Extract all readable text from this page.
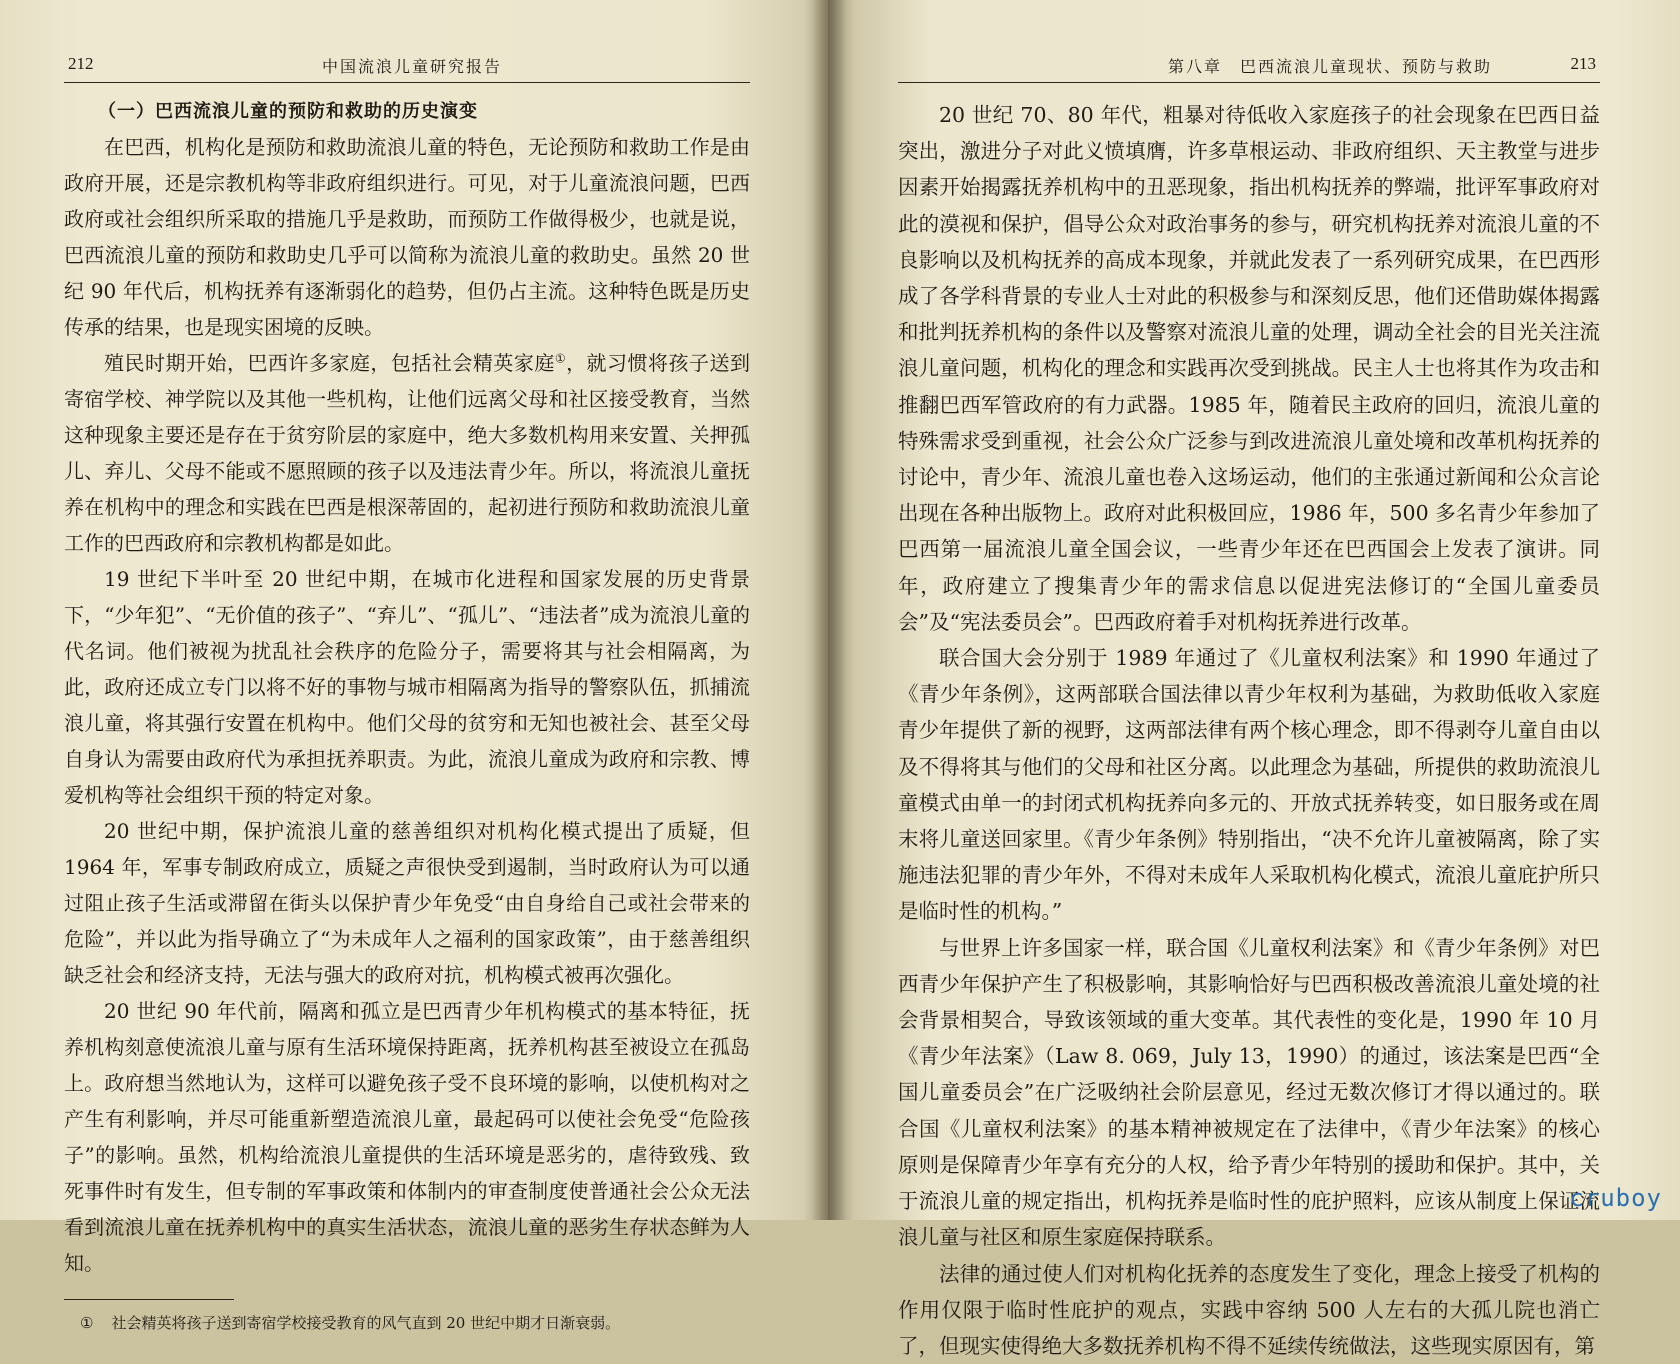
212	中国流浪儿童研究报告
（一）巴西流浪儿童的预防和救助的历史演变

在巴西，机构化是预防和救助流浪儿童的特色，无论预防和救助工作是由政府开展，还是宗教机构等非政府组织进行。可见，对于儿童流浪问题，巴西政府或社会组织所采取的措施几乎是救助，而预防工作做得极少，也就是说，巴西流浪儿童的预防和救助史几乎可以简称为流浪儿童的救助史。虽然 20 世纪 90 年代后，机构抚养有逐渐弱化的趋势，但仍占主流。这种特色既是历史传承的结果，也是现实困境的反映。

殖民时期开始，巴西许多家庭，包括社会精英家庭①，就习惯将孩子送到寄宿学校、神学院以及其他一些机构，让他们远离父母和社区接受教育，当然这种现象主要还是存在于贫穷阶层的家庭中，绝大多数机构用来安置、关押孤儿、弃儿、父母不能或不愿照顾的孩子以及违法青少年。所以，将流浪儿童抚养在机构中的理念和实践在巴西是根深蒂固的，起初进行预防和救助流浪儿童工作的巴西政府和宗教机构都是如此。

19 世纪下半叶至 20 世纪中期，在城市化进程和国家发展的历史背景下，“少年犯”、“无价值的孩子”、“弃儿”、“孤儿”、“违法者”成为流浪儿童的代名词。他们被视为扰乱社会秩序的危险分子，需要将其与社会相隔离，为此，政府还成立专门以将不好的事物与城市相隔离为指导的警察队伍，抓捕流浪儿童，将其强行安置在机构中。他们父母的贫穷和无知也被社会、甚至父母自身认为需要由政府代为承担抚养职责。为此，流浪儿童成为政府和宗教、博爱机构等社会组织干预的特定对象。

20 世纪中期，保护流浪儿童的慈善组织对机构化模式提出了质疑，但 1964 年，军事专制政府成立，质疑之声很快受到遏制，当时政府认为可以通过阻止孩子生活或滞留在街头以保护青少年免受“由自身给自己或社会带来的危险”，并以此为指导确立了“为未成年人之福利的国家政策”，由于慈善组织缺乏社会和经济支持，无法与强大的政府对抗，机构模式被再次强化。

20 世纪 90 年代前，隔离和孤立是巴西青少年机构模式的基本特征，抚养机构刻意使流浪儿童与原有生活环境保持距离，抚养机构甚至被设立在孤岛上。政府想当然地认为，这样可以避免孩子受不良环境的影响，以使机构对之产生有利影响，并尽可能重新塑造流浪儿童，最起码可以使社会免受“危险孩子”的影响。虽然，机构给流浪儿童提供的生活环境是恶劣的，虐待致残、致死事件时有发生，但专制的军事政策和体制内的审查制度使普通社会公众无法看到流浪儿童在抚养机构中的真实生活状态，流浪儿童的恶劣生存状态鲜为人知。

① 社会精英将孩子送到寄宿学校接受教育的风气直到 20 世纪中期才日渐衰弱。
第八章　巴西流浪儿童现状、预防与救助	213

20 世纪 70、80 年代，粗暴对待低收入家庭孩子的社会现象在巴西日益突出，激进分子对此义愤填膺，许多草根运动、非政府组织、天主教堂与进步因素开始揭露抚养机构中的丑恶现象，指出机构抚养的弊端，批评军事政府对此的漠视和保护，倡导公众对政治事务的参与，研究机构抚养对流浪儿童的不良影响以及机构抚养的高成本现象，并就此发表了一系列研究成果，在巴西形成了各学科背景的专业人士对此的积极参与和深刻反思，他们还借助媒体揭露和批判抚养机构的条件以及警察对流浪儿童的处理，调动全社会的目光关注流浪儿童问题，机构化的理念和实践再次受到挑战。民主人士也将其作为攻击和推翻巴西军管政府的有力武器。1985 年，随着民主政府的回归，流浪儿童的特殊需求受到重视，社会公众广泛参与到改进流浪儿童处境和改革机构抚养的讨论中，青少年、流浪儿童也卷入这场运动，他们的主张通过新闻和公众言论出现在各种出版物上。政府对此积极回应，1986 年，500 多名青少年参加了巴西第一届流浪儿童全国会议，一些青少年还在巴西国会上发表了演讲。同年，政府建立了搜集青少年的需求信息以促进宪法修订的“全国儿童委员会”及“宪法委员会”。巴西政府着手对机构抚养进行改革。

联合国大会分别于 1989 年通过了《儿童权利法案》和 1990 年通过了《青少年条例》，这两部联合国法律以青少年权利为基础，为救助低收入家庭青少年提供了新的视野，这两部法律有两个核心理念，即不得剥夺儿童自由以及不得将其与他们的父母和社区分离。以此理念为基础，所提供的救助流浪儿童模式由单一的封闭式机构抚养向多元的、开放式抚养转变，如日服务或在周末将儿童送回家里。《青少年条例》特别指出，“决不允许儿童被隔离，除了实施违法犯罪的青少年外，不得对未成年人采取机构化模式，流浪儿童庇护所只是临时性的机构。”

与世界上许多国家一样，联合国《儿童权利法案》和《青少年条例》对巴西青少年保护产生了积极影响，其影响恰好与巴西积极改善流浪儿童处境的社会背景相契合，导致该领域的重大变革。其代表性的变化是，1990 年 10 月《青少年法案》（Law 8. 069，July 13，1990）的通过，该法案是巴西“全国儿童委员会”在广泛吸纳社会阶层意见，经过无数次修订才得以通过的。联合国《儿童权利法案》的基本精神被规定在了法律中，《青少年法案》的核心原则是保障青少年享有充分的人权，给予青少年特别的援助和保护。其中，关于流浪儿童的规定指出，机构抚养是临时性的庇护照料，应该从制度上保证流浪儿童与社区和原生家庭保持联系。

法律的通过使人们对机构化抚养的态度发生了变化，理念上接受了机构的作用仅限于临时性庇护的观点，实践中容纳 500 人左右的大孤儿院也消亡了，但现实使得绝大多数抚养机构不得不延续传统做法，这些现实原因有，第

cruboy
